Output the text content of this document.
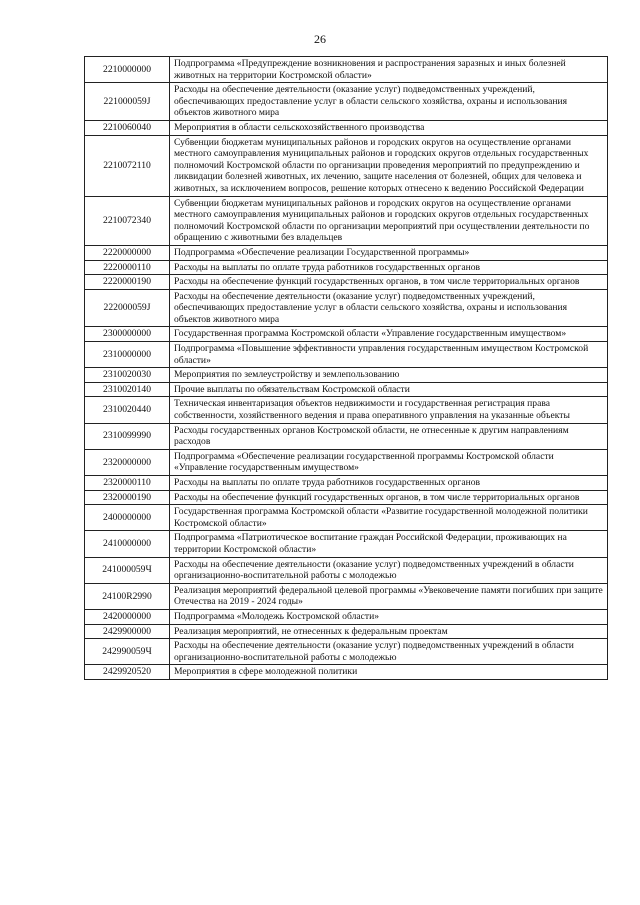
26
2210000000	Подпрограмма «Предупреждение возникновения и распространения заразных и иных болезней животных на территории Костромской области»
221000059J	Расходы на обеспечение деятельности (оказание услуг) подведомственных учреждений, обеспечивающих предоставление услуг в области сельского хозяйства, охраны и использования объектов животного мира
2210060040	Мероприятия в области сельскохозяйственного производства
2210072110	Субвенции бюджетам муниципальных районов и городских округов на осуществление органами местного самоуправления муниципальных районов и городских округов отдельных государственных полномочий Костромской области по организации проведения мероприятий по предупреждению и ликвидации болезней животных, их лечению, защите населения от болезней, общих для человека и животных, за исключением вопросов, решение которых отнесено к ведению Российской Федерации
2210072340	Субвенции бюджетам муниципальных районов и городских округов на осуществление органами местного самоуправления муниципальных районов и городских округов отдельных государственных полномочий Костромской области по организации мероприятий при осуществлении деятельности по обращению с животными без владельцев
2220000000	Подпрограмма «Обеспечение реализации Государственной программы»
2220000110	Расходы на выплаты по оплате труда работников государственных органов
2220000190	Расходы на обеспечение функций государственных органов, в том числе территориальных органов
222000059J	Расходы на обеспечение деятельности (оказание услуг) подведомственных учреждений, обеспечивающих предоставление услуг в области сельского хозяйства, охраны и использования объектов животного мира
2300000000	Государственная программа Костромской области «Управление государственным имуществом»
2310000000	Подпрограмма «Повышение эффективности управления государственным имуществом Костромской области»
2310020030	Мероприятия по землеустройству и землепользованию
2310020140	Прочие выплаты по обязательствам Костромской области
2310020440	Техническая инвентаризация объектов недвижимости и государственная регистрация права собственности, хозяйственного ведения и права оперативного управления на указанные объекты
2310099990	Расходы государственных органов Костромской области, не отнесенные к другим направлениям расходов
2320000000	Подпрограмма «Обеспечение реализации государственной программы Костромской области «Управление государственным имуществом»
2320000110	Расходы на выплаты по оплате труда работников государственных органов
2320000190	Расходы на обеспечение функций государственных органов, в том числе территориальных органов
2400000000	Государственная программа Костромской области «Развитие государственной молодежной политики Костромской области»
2410000000	Подпрограмма «Патриотическое воспитание граждан Российской Федерации, проживающих на территории Костромской области»
241000059Ч	Расходы на обеспечение деятельности (оказание услуг) подведомственных учреждений в области организационно-воспитательной работы с молодежью
24100R2990	Реализация мероприятий федеральной целевой программы «Увековечение памяти погибших при защите Отечества на 2019 - 2024 годы»
2420000000	Подпрограмма «Молодежь Костромской области»
2429900000	Реализация мероприятий, не отнесенных к федеральным проектам
242990059Ч	Расходы на обеспечение деятельности (оказание услуг) подведомственных учреждений в области организационно-воспитательной работы с молодежью
2429920520	Мероприятия в сфере молодежной политики
